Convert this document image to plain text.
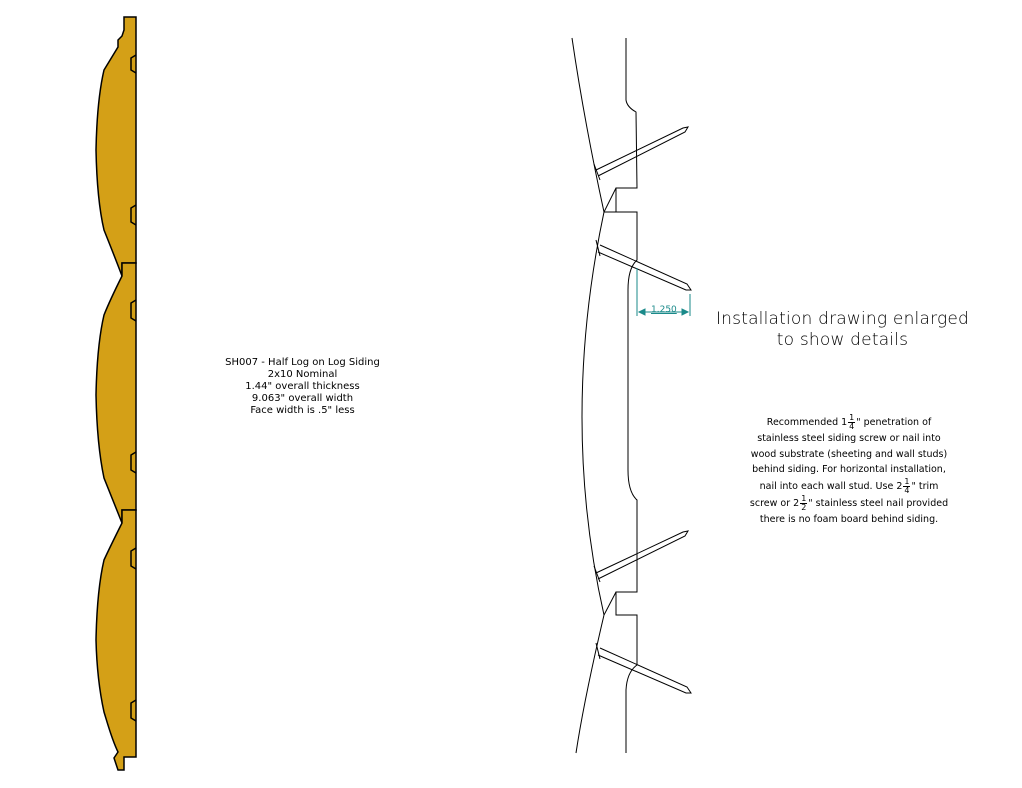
1.250
SH007 - Half Log on Log Siding
2x10 Nominal
1.44" overall thickness
9.063" overall width
Face width is .5" less
Installation drawing enlarged
to show details
Recommended $1 \frac{1}{4}$ " penetration of
stainless steel siding screw or nail into
wood substrate (sheeting and wall studs)
behind siding. For horizontal installation,
nail into each wall stud. Use $2 \frac{1}{4}$ " trim
screw or $2 \frac{1}{2}$ " stainless steel nail provided
there is no foam board behind siding.
